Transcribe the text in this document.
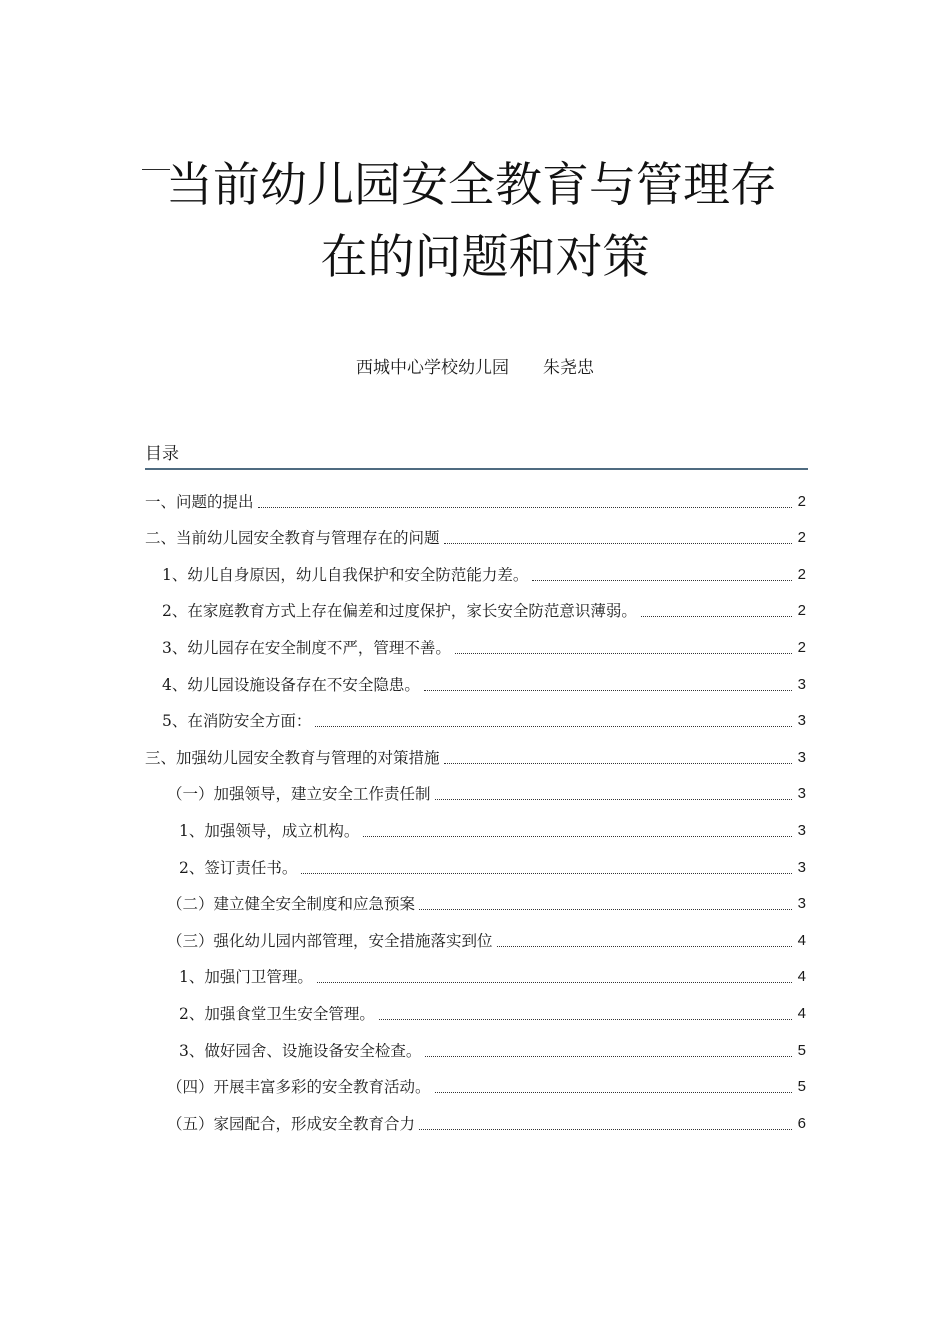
当前幼儿园安全教育与管理存
在的问题和对策
西城中心学校幼儿园 朱尧忠
目录
一、问题的提出	2
二、当前幼儿园安全教育与管理存在的问题	2
1、幼儿自身原因，幼儿自我保护和安全防范能力差。	2
2、在家庭教育方式上存在偏差和过度保护，家长安全防范意识薄弱。	2
3、幼儿园存在安全制度不严，管理不善。	2
4、幼儿园设施设备存在不安全隐患。	3
5、在消防安全方面：	3
三、加强幼儿园安全教育与管理的对策措施	3
（一）加强领导，建立安全工作责任制	3
1、加强领导，成立机构。	3
2、签订责任书。	3
（二）建立健全安全制度和应急预案	3
（三）强化幼儿园内部管理，安全措施落实到位	4
1、加强门卫管理。	4
2、加强食堂卫生安全管理。	4
3、做好园舍、设施设备安全检查。	5
（四）开展丰富多彩的安全教育活动。	5
（五）家园配合，形成安全教育合力	6
